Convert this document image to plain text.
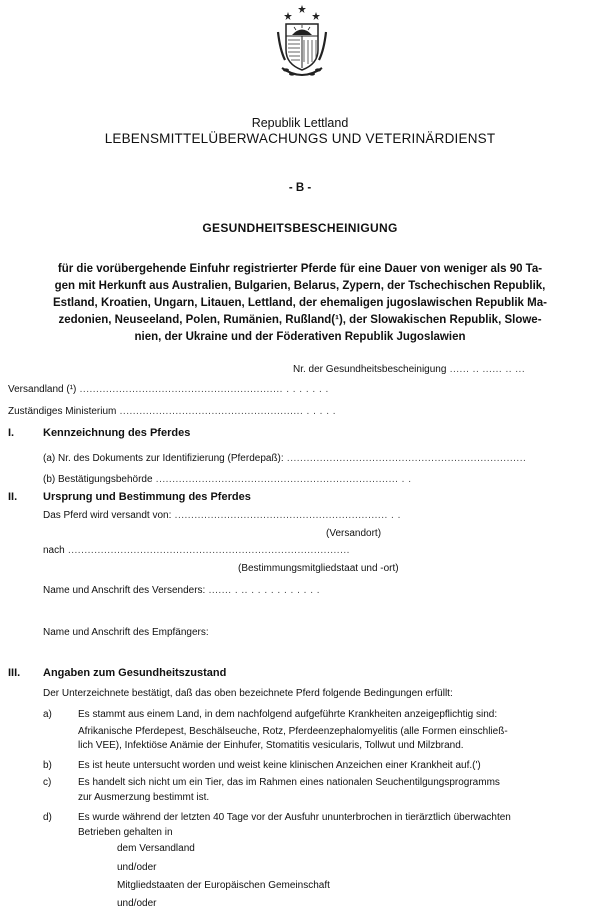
Republik Lettland
LEBENSMITTELÜBERWACHUNGS UND VETERINÄRDIENST
- B -
GESUNDHEITSBESCHEINIGUNG
für die vorübergehende Einfuhr registrierter Pferde für eine Dauer von weniger als 90 Ta-
gen mit Herkunft aus Australien, Bulgarien, Belarus, Zypern, der Tschechischen Republik,
Estland, Kroatien, Ungarn, Litauen, Lettland, der ehemaligen jugoslawischen Republik Ma-
zedonien, Neuseeland, Polen, Rumänien, Rußland(¹), der Slowakischen Republik, Slowe-
nien, der Ukraine und der Föderativen Republik Jugoslawien
Nr. der Gesundheitsbescheinigung ...... .. ...... .. ...
Versandland (¹) .............................................................. . . . . . . .
Zuständiges Ministerium ........................................................ . . . . .
I.	Kennzeichnung des Pferdes
(a) Nr. des Dokuments zur Identifizierung (Pferdepaß): .........................................................................
(b) Bestätigungsbehörde .......................................................................... . .
II. Ursprung und Bestimmung des Pferdes
Das Pferd wird versandt von: ................................................................. . .
(Versandort)
nach ......................................................................................
(Bestimmungsmitgliedstaat und -ort)
Name und Anschrift des Versenders: ....... . .. . . . . . . . . . . .
Name und Anschrift des Empfängers:
III. Angaben zum Gesundheitszustand
Der Unterzeichnete bestätigt, daß das oben bezeichnete Pferd folgende Bedingungen erfüllt:
a)	Es stammt aus einem Land, in dem nachfolgend aufgeführte Krankheiten anzeigepflichtig sind:
Afrikanische Pferdepest, Beschälseuche, Rotz, Pferdeenzephalomyelitis (alle Formen einschließ-
lich VEE), Infektiöse Anämie der Einhufer, Stomatitis vesicularis, Tollwut und Milzbrand.
b)	Es ist heute untersucht worden und weist keine klinischen Anzeichen einer Krankheit auf.(')
c)	Es handelt sich nicht um ein Tier, das im Rahmen eines nationalen Seuchentilgungsprogramms
zur Ausmerzung bestimmt ist.
d)	Es wurde während der letzten 40 Tage vor der Ausfuhr ununterbrochen in tierärztlich überwachten
Betrieben gehalten in
dem Versandland
und/oder
Mitgliedstaaten der Europäischen Gemeinschaft
und/oder
